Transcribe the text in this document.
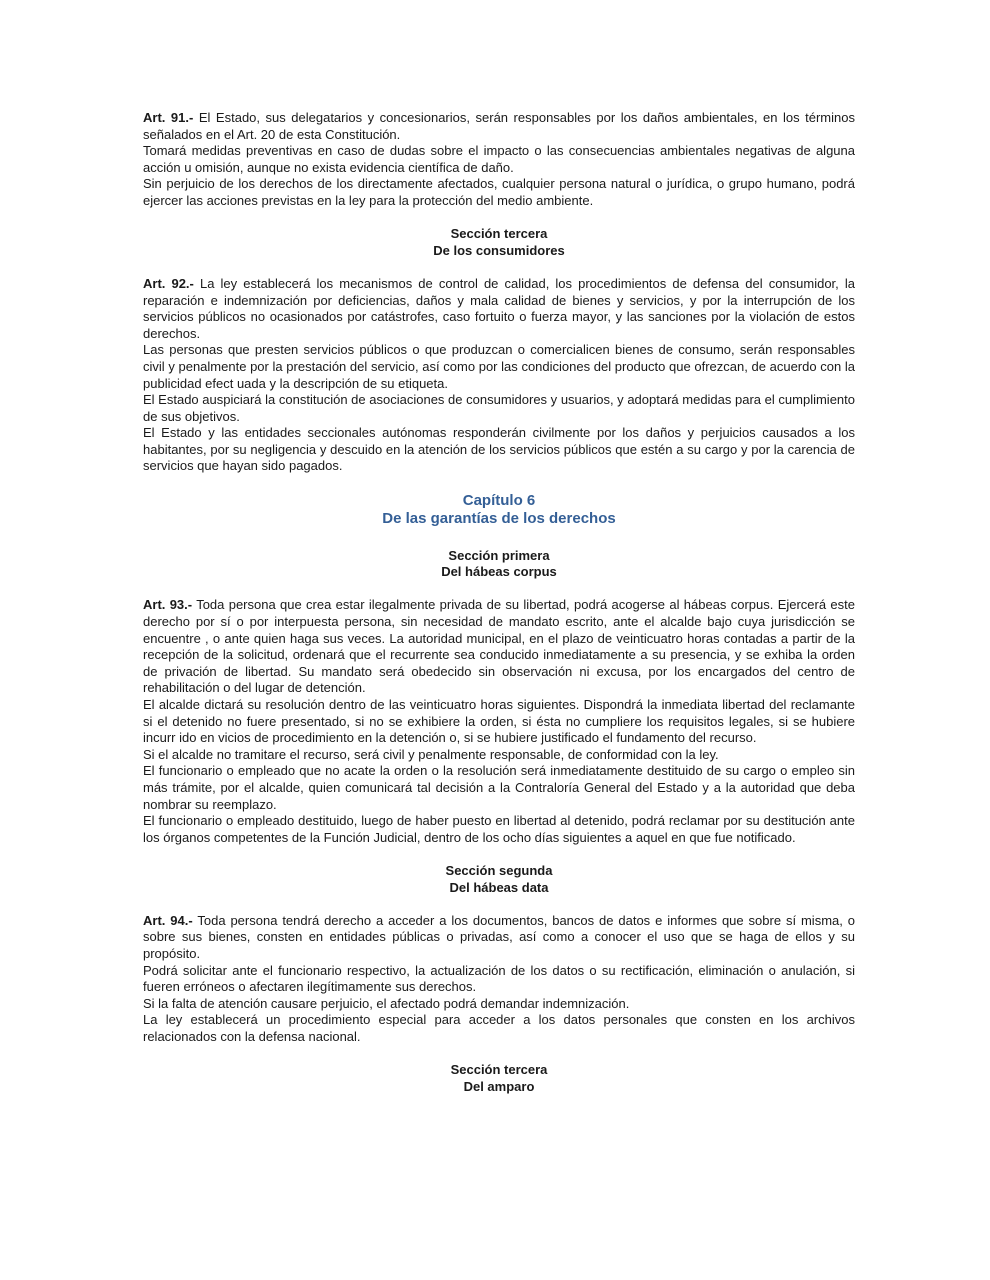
Art. 91.- El Estado, sus delegatarios y concesionarios, serán responsables por los daños ambientales, en los términos señalados en el Art. 20 de esta Constitución.

Tomará medidas preventivas en caso de dudas sobre el impacto o las consecuencias ambientales negativas de alguna acción u omisión, aunque no exista evidencia científica de daño.

Sin perjuicio de los derechos de los directamente afectados, cualquier persona natural o jurídica, o grupo humano, podrá ejercer las acciones previstas en la ley para la protección del medio ambiente.

Sección tercera
De los consumidores

Art. 92.- La ley establecerá los mecanismos de control de calidad, los procedimientos de defensa del consumidor, la reparación e indemnización por deficiencias, daños y mala calidad de bienes y servicios, y por la interrupción de los servicios públicos no ocasionados por catástrofes, caso fortuito o fuerza mayor, y las sanciones por la violación de estos derechos.

Las personas que presten servicios públicos o que produzcan o comercialicen bienes de consumo, serán responsables civil y penalmente por la prestación del servicio, así como por las condiciones del producto que ofrezcan, de acuerdo con la publicidad efect uada y la descripción de su etiqueta.

El Estado auspiciará la constitución de asociaciones de consumidores y usuarios, y adoptará medidas para el cumplimiento de sus objetivos.

El Estado y las entidades seccionales autónomas responderán civilmente por los daños y perjuicios causados a los habitantes, por su negligencia y descuido en la atención de los servicios públicos que estén a su cargo y por la carencia de servicios que hayan sido pagados.

Capítulo 6
De las garantías de los derechos
Sección primera
Del hábeas corpus

Art. 93.- Toda persona que crea estar ilegalmente privada de su libertad, podrá acogerse al hábeas corpus. Ejercerá este derecho por sí o por interpuesta persona, sin necesidad de mandato escrito, ante el alcalde bajo cuya jurisdicción se encuentre , o ante quien haga sus veces. La autoridad municipal, en el plazo de veinticuatro horas contadas a partir de la recepción de la solicitud, ordenará que el recurrente sea conducido inmediatamente a su presencia, y se exhiba la orden de privación de libertad. Su mandato será obedecido sin observación ni excusa, por los encargados del centro de rehabilitación o del lugar de detención.

El alcalde dictará su resolución dentro de las veinticuatro horas siguientes. Dispondrá la inmediata libertad del reclamante si el detenido no fuere presentado, si no se exhibiere la orden, si ésta no cumpliere los requisitos legales, si se hubiere incurr ido en vicios de procedimiento en la detención o, si se hubiere justificado el fundamento del recurso.

Si el alcalde no tramitare el recurso, será civil y penalmente responsable, de conformidad con la ley.

El funcionario o empleado que no acate la orden o la resolución será inmediatamente destituido de su cargo o empleo sin más trámite, por el alcalde, quien comunicará tal decisión a la Contraloría General del Estado y a la autoridad que deba nombrar su reemplazo.

El funcionario o empleado destituido, luego de haber puesto en libertad al detenido, podrá reclamar por su destitución ante los órganos competentes de la Función Judicial, dentro de los ocho días siguientes a aquel en que fue notificado.

Sección segunda
Del hábeas data

Art. 94.- Toda persona tendrá derecho a acceder a los documentos, bancos de datos e informes que sobre sí misma, o sobre sus bienes, consten en entidades públicas o privadas, así como a conocer el uso que se haga de ellos y su propósito.

Podrá solicitar ante el funcionario respectivo, la actualización de los datos o su rectificación, eliminación o anulación, si fueren erróneos o afectaren ilegítimamente sus derechos.

Si la falta de atención causare perjuicio, el afectado podrá demandar indemnización.

La ley establecerá un procedimiento especial para acceder a los datos personales que consten en los archivos relacionados con la defensa nacional.

Sección tercera
Del amparo
